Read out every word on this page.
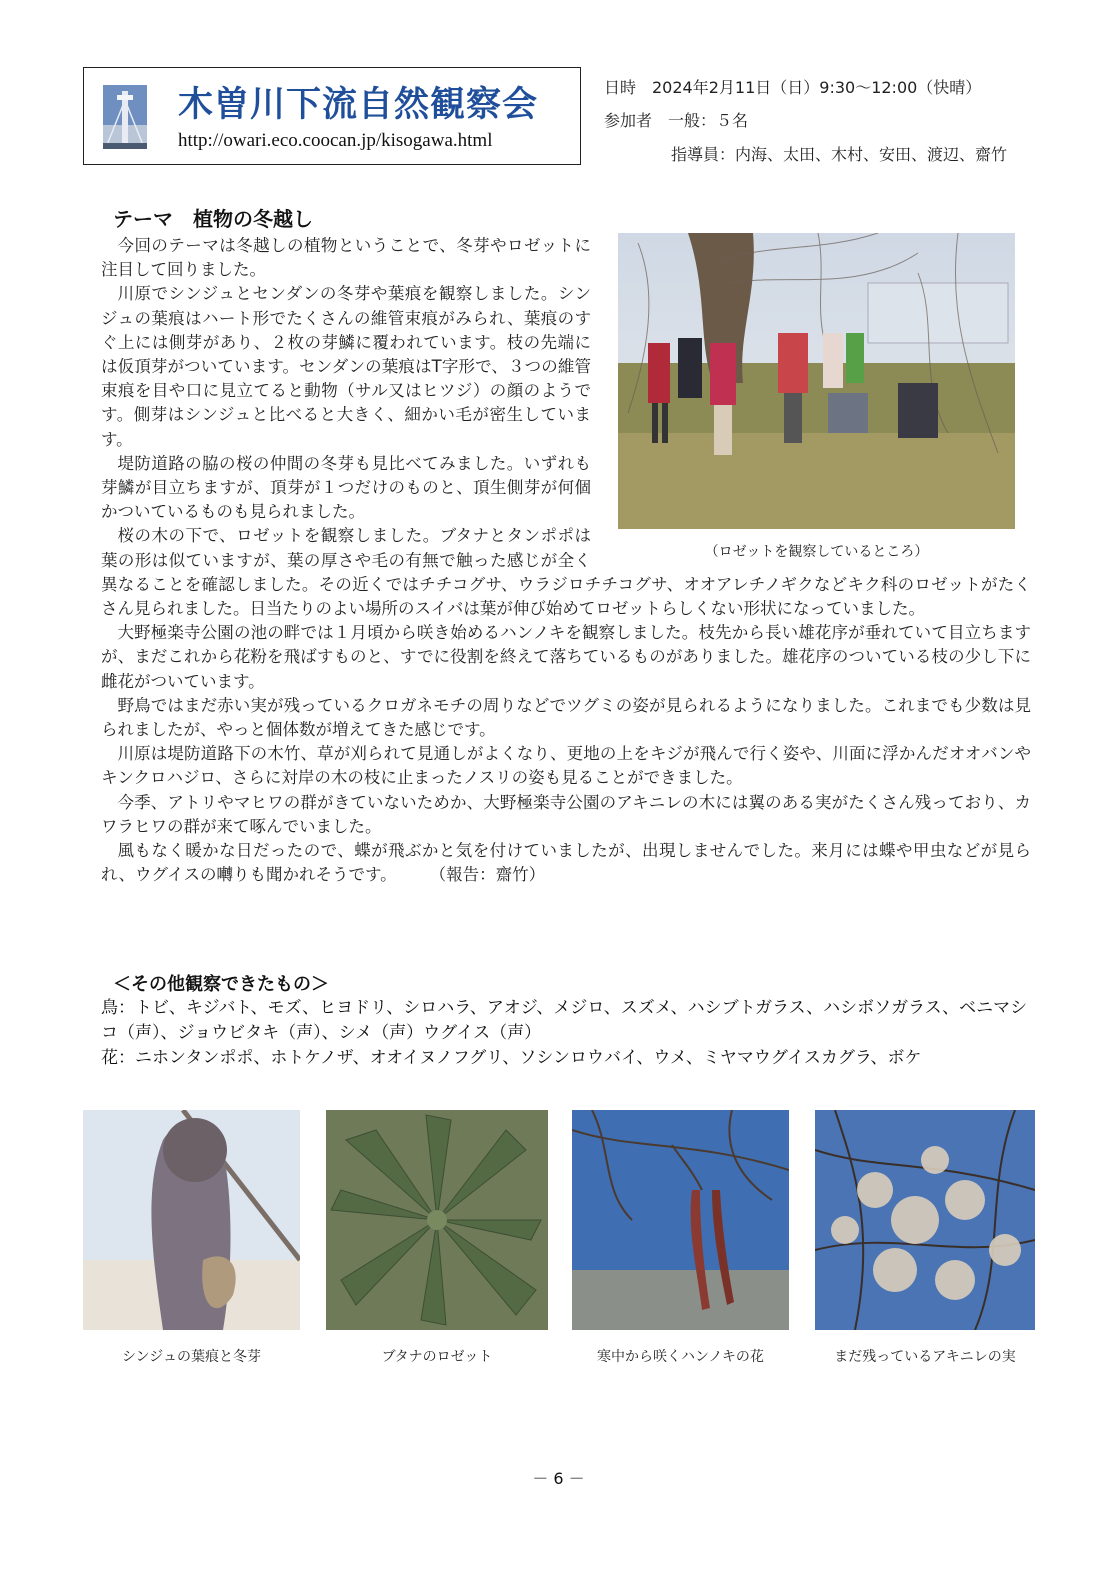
木曽川下流自然観察会
http://owari.eco.coocan.jp/kisogawa.html
日時　2024年2月11日（日）9:30～12:00（快晴）
参加者　一般：５名
指導員：内海、太田、木村、安田、渡辺、齋竹
テーマ　植物の冬越し
（ロゼットを観察しているところ）

今回のテーマは冬越しの植物ということで、冬芽やロゼットに注目して回りました。

川原でシンジュとセンダンの冬芽や葉痕を観察しました。シンジュの葉痕はハート形でたくさんの維管束痕がみられ、葉痕のすぐ上には側芽があり、２枚の芽鱗に覆われています。枝の先端には仮頂芽がついています。センダンの葉痕はT字形で、３つの維管束痕を目や口に見立てると動物（サル又はヒツジ）の顔のようです。側芽はシンジュと比べると大きく、細かい毛が密生しています。

堤防道路の脇の桜の仲間の冬芽も見比べてみました。いずれも芽鱗が目立ちますが、頂芽が１つだけのものと、頂生側芽が何個かついているものも見られました。

桜の木の下で、ロゼットを観察しました。ブタナとタンポポは葉の形は似ていますが、葉の厚さや毛の有無で触った感じが全く異なることを確認しました。その近くではチチコグサ、ウラジロチチコグサ、オオアレチノギクなどキク科のロゼットがたくさん見られました。日当たりのよい場所のスイバは葉が伸び始めてロゼットらしくない形状になっていました。

大野極楽寺公園の池の畔では１月頃から咲き始めるハンノキを観察しました。枝先から長い雄花序が垂れていて目立ちますが、まだこれから花粉を飛ばすものと、すでに役割を終えて落ちているものがありました。雄花序のついている枝の少し下に雌花がついています。

野鳥ではまだ赤い実が残っているクロガネモチの周りなどでツグミの姿が見られるようになりました。これまでも少数は見られましたが、やっと個体数が増えてきた感じです。

川原は堤防道路下の木竹、草が刈られて見通しがよくなり、更地の上をキジが飛んで行く姿や、川面に浮かんだオオバンやキンクロハジロ、さらに対岸の木の枝に止まったノスリの姿も見ることができました。

今季、アトリやマヒワの群がきていないためか、大野極楽寺公園のアキニレの木には翼のある実がたくさん残っており、カワラヒワの群が来て啄んでいました。

風もなく暖かな日だったので、蝶が飛ぶかと気を付けていましたが、出現しませんでした。来月には蝶や甲虫などが見られ、ウグイスの囀りも聞かれそうです。　　　（報告：齋竹）

＜その他観察できたもの＞
鳥：トビ、キジバト、モズ、ヒヨドリ、シロハラ、アオジ、メジロ、スズメ、ハシブトガラス、ハシボソガラス、ベニマシコ（声）、ジョウビタキ（声）、シメ（声）ウグイス（声）
花：ニホンタンポポ、ホトケノザ、オオイヌノフグリ、ソシンロウバイ、ウメ、ミヤマウグイスカグラ、ボケ
シンジュの葉痕と冬芽	ブタナのロゼット	寒中から咲くハンノキの花	まだ残っているアキニレの実
－ 6 －
